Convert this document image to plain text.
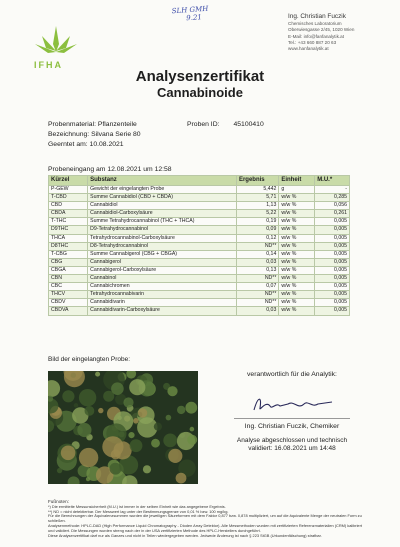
SLH GMH
9.21
IFHA
Ing. Christian Fuczik
Chemisches Laboratorium
Oberwiesgasse 2/45, 1020 Wien
E-Mail: info@fanfanalytik.at
Tel.: +43 660 887 20 63
www.hanfanalytik.at
Analysenzertifikat
Cannabinoide
Probenmaterial: Pflanzenteile	Proben ID: 45100410
Bezeichnung: Silvana Serie 80
Geerntet am: 10.08.2021
Probeneingang am 12.08.2021 um 12:58
Kürzel	Substanz	Ergebnis	Einheit	M.U.*
P-GEW	Gewicht der eingelangten Probe	5,442	g	-
T-CBD	Summe Cannabidiol (CBD + CBDA)	5,71	w/w %	0,285
CBD	Cannabidiol	1,13	w/w %	0,056
CBDA	Cannabidiol-Carboxylsäure	5,22	w/w %	0,261
T-THC	Summe Tetrahydrocannabinol (THC + THCA)	0,19	w/w %	0,005
D9THC	D9-Tetrahydrocannabinol	0,09	w/w %	0,005
THCA	Tetrahydrocannabinol-Carboxylsäure	0,12	w/w %	0,005
D8THC	D8-Tetrahydrocannabinol	ND**	w/w %	0,005
T-CBG	Summe Cannabigerol (CBG + CBGA)	0,14	w/w %	0,005
CBG	Cannabigerol	0,03	w/w %	0,005
CBGA	Cannabigerol-Carboxylsäure	0,13	w/w %	0,005
CBN	Cannabinol	ND**	w/w %	0,005
CBC	Cannabichromen	0,07	w/w %	0,005
THCV	Tetrahydrocannabivarin	ND**	w/w %	0,005
CBDV	Cannabidivarin	ND**	w/w %	0,005
CBDVA	Cannabidivarin-Carboxylsäure	0,03	w/w %	0,005
Bild der eingelangten Probe:
verantwortlich für die Analytik:
Ing. Christian Fuczik, Chemiker
Analyse abgeschlossen und technisch
validiert: 16.08.2021 um 14:48
Fußnoten:
*) Die ermittelte Messunsicherheit (M.U.) ist immer in der selben Einheit wie das angegebene Ergebnis.
**) ND = nicht detektierbar. Der Messwert lag unter der Bestimmungsgrenze von 0,01 % bzw. 100 mg/kg.
Für die Berechnungen der Äquivalenzsummen wurden die jeweiligen Säureformen mit dem Faktor 0,877 bzw. 0,878 multipliziert, um auf die äquivalente Menge der neutralen Form zu schließen.
Analysenmethode: HPLC-DAD (High Performance Liquid Chromatography - Dioden Array Detektor). Alle Messmethoden wurden mit zertifizierten Referenzmaterialien (CRM) kalibriert und validiert. Die Messungen wurden streng nach der in der USA zertifizierten Methode des HPLC-Herstellers durchgeführt.
Diese Analysenzertifikat darf nur als Ganzes und nicht in Teilen wiedergegeben werden. Jedwede Änderung ist nach § 223 StGB (Urkundenfälschung) strafbar.
